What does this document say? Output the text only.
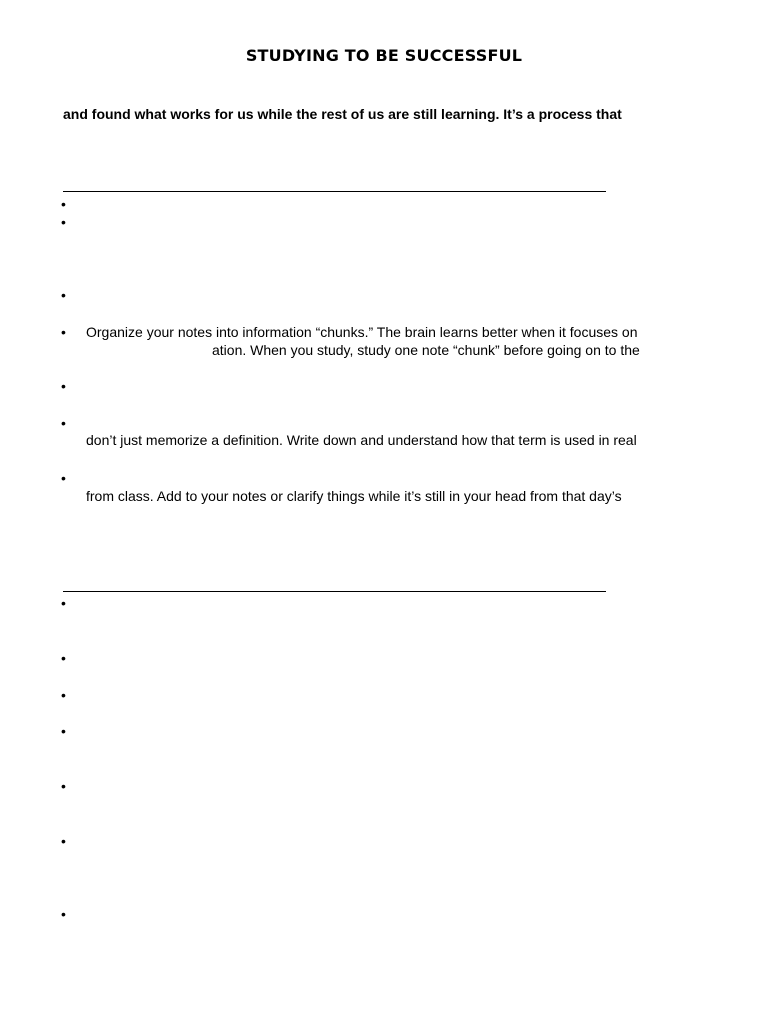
STUDYING TO BE SUCCESSFUL
and found what works for us while the rest of us are still learning. It’s a process that
•
•
•
• Organize your notes into information “chunks.” The brain learns better when it focuses on
ation. When you study, study one note “chunk” before going on to the
•
•
don’t just memorize a definition. Write down and understand how that term is used in real
•
from class. Add to your notes or clarify things while it’s still in your head from that day’s
•
•
•
•
•
•
•
